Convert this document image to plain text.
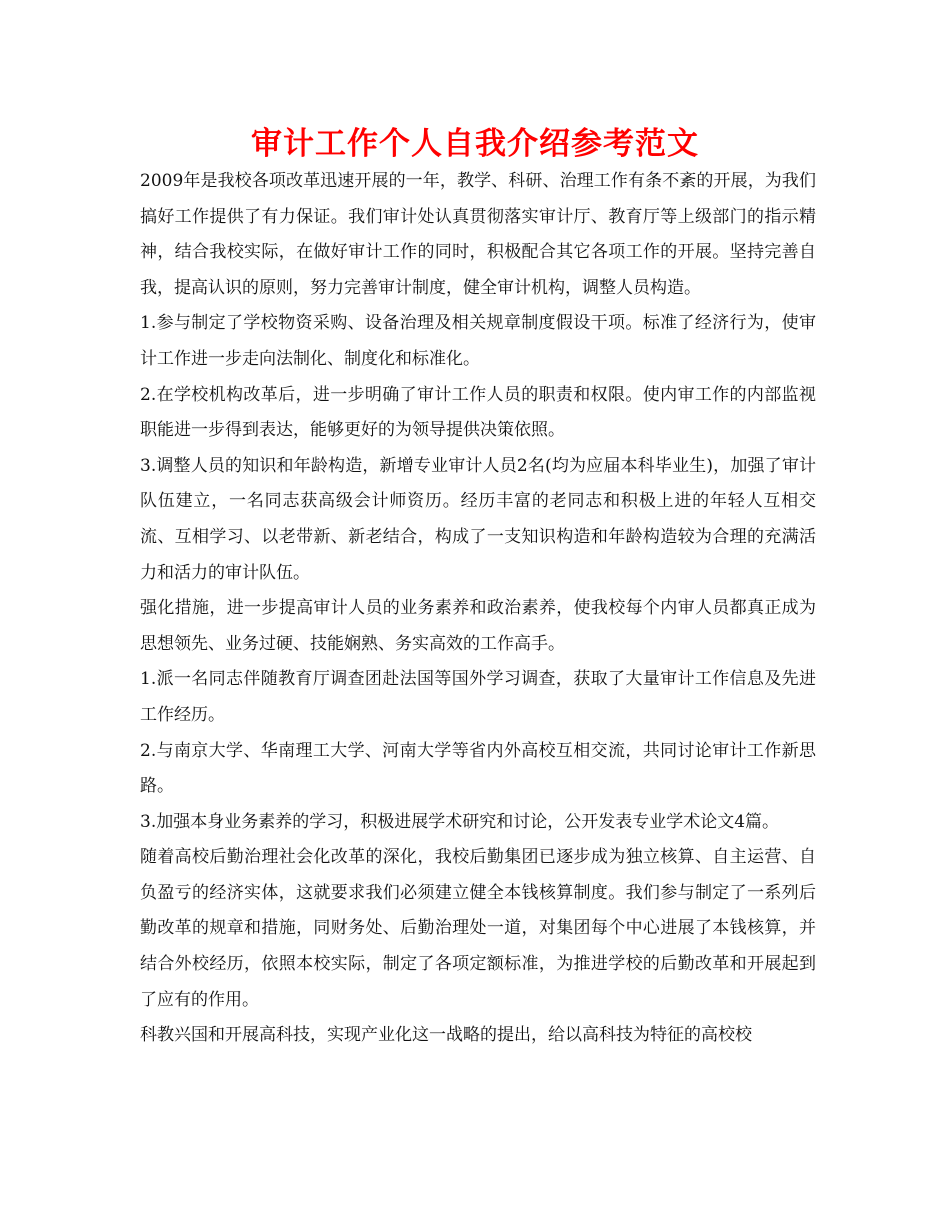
审计工作个人自我介绍参考范文

2009年是我校各项改革迅速开展的一年，教学、科研、治理工作有条不紊的开展，为我们搞好工作提供了有力保证。我们审计处认真贯彻落实审计厅、教育厅等上级部门的指示精神，结合我校实际，在做好审计工作的同时，积极配合其它各项工作的开展。坚持完善自我，提高认识的原则，努力完善审计制度，健全审计机构，调整人员构造。

1.参与制定了学校物资采购、设备治理及相关规章制度假设干项。标准了经济行为，使审计工作进一步走向法制化、制度化和标准化。

2.在学校机构改革后，进一步明确了审计工作人员的职责和权限。使内审工作的内部监视职能进一步得到表达，能够更好的为领导提供决策依照。

3.调整人员的知识和年龄构造，新增专业审计人员2名(均为应届本科毕业生)，加强了审计队伍建立，一名同志获高级会计师资历。经历丰富的老同志和积极上进的年轻人互相交流、互相学习、以老带新、新老结合，构成了一支知识构造和年龄构造较为合理的充满活力和活力的审计队伍。

强化措施，进一步提高审计人员的业务素养和政治素养，使我校每个内审人员都真正成为　思想领先、业务过硬、技能娴熟、务实高效的工作高手。

1.派一名同志伴随教育厅调查团赴法国等国外学习调查，获取了大量审计工作信息及先进工作经历。

2.与南京大学、华南理工大学、河南大学等省内外高校互相交流，共同讨论审计工作新思路。

3.加强本身业务素养的学习，积极进展学术研究和讨论，公开发表专业学术论文4篇。

随着高校后勤治理社会化改革的深化，我校后勤集团已逐步成为独立核算、自主运营、自负盈亏的经济实体，这就要求我们必须建立健全本钱核算制度。我们参与制定了一系列后勤改革的规章和措施，同财务处、后勤治理处一道，对集团每个中心进展了本钱核算，并结合外校经历，依照本校实际，制定了各项定额标准，为推进学校的后勤改革和开展起到了应有的作用。

科教兴国和开展高科技，实现产业化这一战略的提出，给以高科技为特征的高校校
